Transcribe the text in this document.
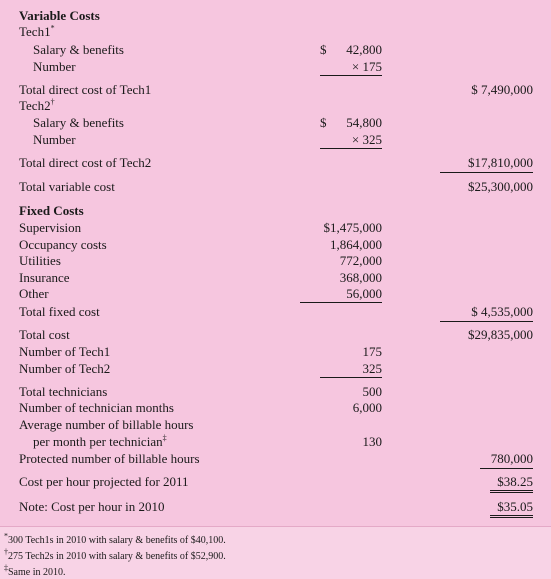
Variable Costs
Tech1*
Salary & benefits	$ 42,800
Number	× 175
Total direct cost of Tech1	$ 7,490,000
Tech2†
Salary & benefits	$ 54,800
Number	× 325
Total direct cost of Tech2	$17,810,000
Total variable cost	$25,300,000
Fixed Costs
Supervision	$1,475,000
Occupancy costs	1,864,000
Utilities	772,000
Insurance	368,000
Other	56,000
Total fixed cost	$ 4,535,000
Total cost	$29,835,000
Number of Tech1	175
Number of Tech2	325
Total technicians	500
Number of technician months	6,000
Average number of billable hours
per month per technician‡	130
Protected number of billable hours	780,000
Cost per hour projected for 2011	$38.25
Note: Cost per hour in 2010	$35.05
*300 Tech1s in 2010 with salary & benefits of $40,100.
†275 Tech2s in 2010 with salary & benefits of $52,900.
‡Same in 2010.
